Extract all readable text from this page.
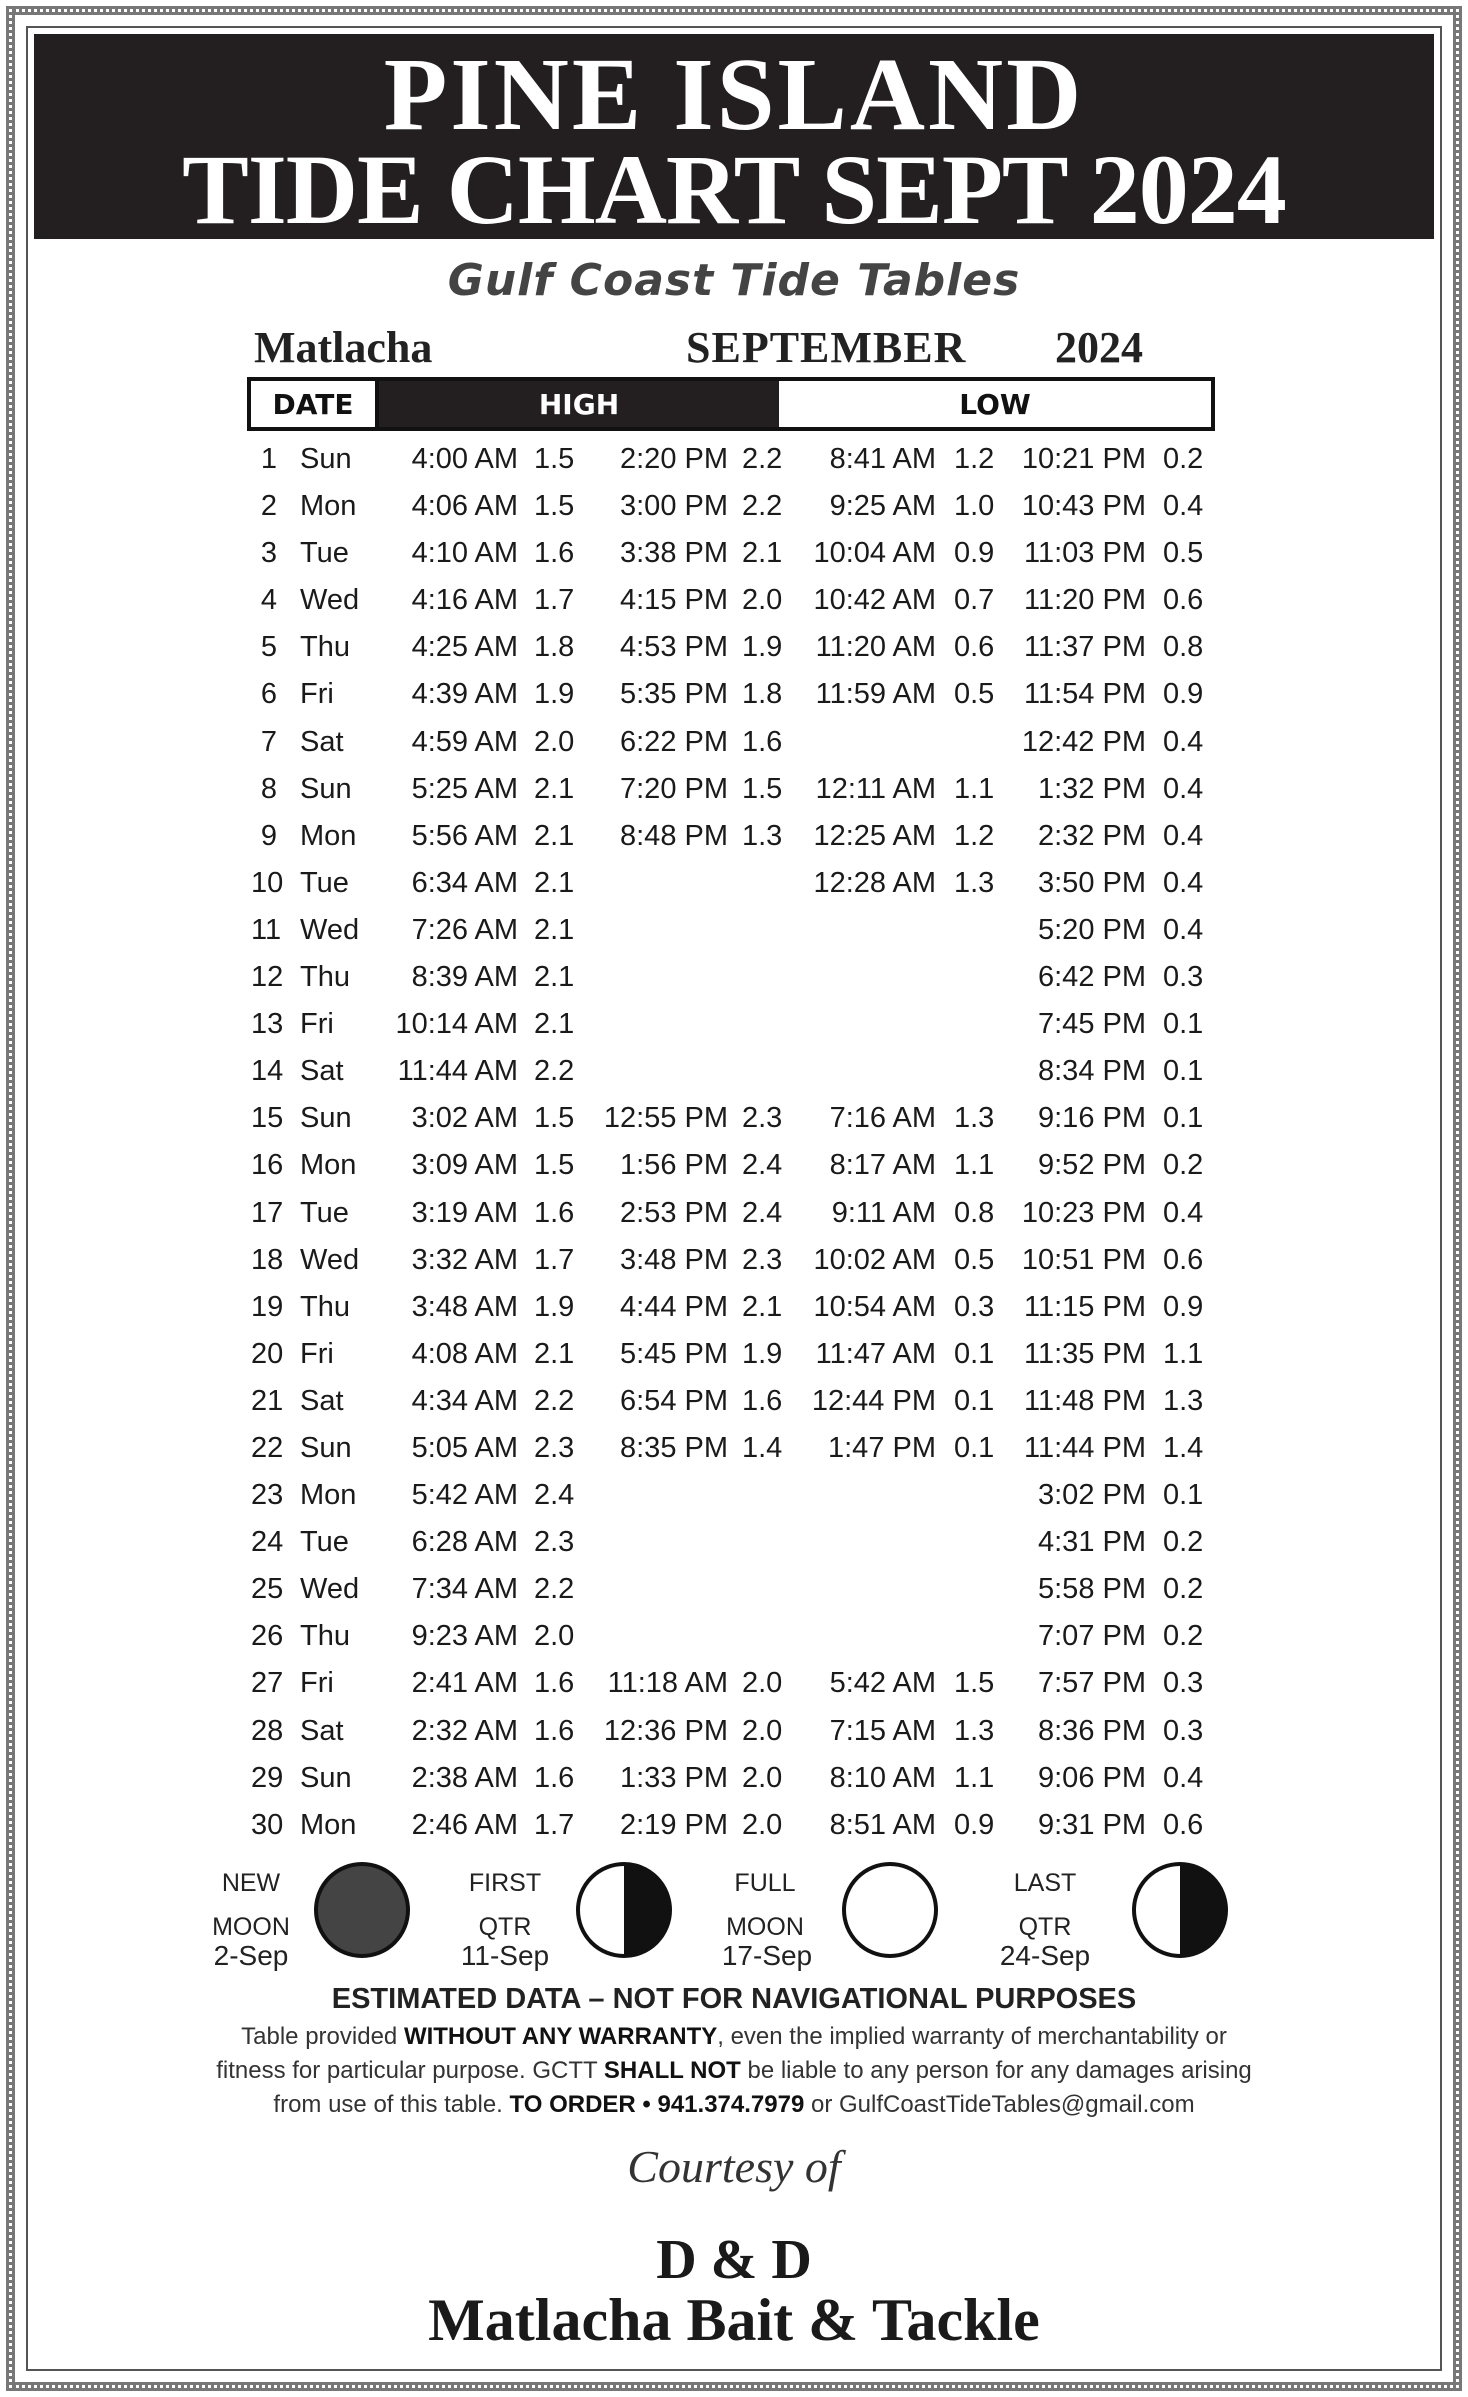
PINE ISLAND
TIDE CHART SEPT 2024
Gulf Coast Tide Tables
Matlacha	SEPTEMBER 2024
DATE	HIGH	LOW
1 Sun 4:00 AM 1.5 2:20 PM 2.2 8:41 AM 1.2 10:21 PM 0.2
2 Mon 4:06 AM 1.5 3:00 PM 2.2 9:25 AM 1.0 10:43 PM 0.4
3 Tue 4:10 AM 1.6 3:38 PM 2.1 10:04 AM 0.9 11:03 PM 0.5
4 Wed 4:16 AM 1.7 4:15 PM 2.0 10:42 AM 0.7 11:20 PM 0.6
5 Thu 4:25 AM 1.8 4:53 PM 1.9 11:20 AM 0.6 11:37 PM 0.8
6 Fri	4:39 AM 1.9 5:35 PM 1.8 11:59 AM 0.5 11:54 PM 0.9
7 Sat 4:59 AM 2.0 6:22 PM 1.6	12:42 PM 0.4
8 Sun 5:25 AM 2.1 7:20 PM 1.5 12:11 AM 1.1 1:32 PM 0.4
9 Mon 5:56 AM 2.1 8:48 PM 1.3 12:25 AM 1.2 2:32 PM 0.4
10 Tue 6:34 AM 2.1	12:28 AM 1.3 3:50 PM 0.4
11 Wed 7:26 AM 2.1	5:20 PM 0.4
12 Thu 8:39 AM 2.1	6:42 PM 0.3
13 Fri 10:14 AM 2.1	7:45 PM 0.1
14 Sat 11:44 AM 2.2	8:34 PM 0.1
15 Sun 3:02 AM 1.5 12:55 PM 2.3 7:16 AM 1.3 9:16 PM 0.1
16 Mon 3:09 AM 1.5 1:56 PM 2.4 8:17 AM 1.1 9:52 PM 0.2
17 Tue 3:19 AM 1.6 2:53 PM 2.4 9:11 AM 0.8 10:23 PM 0.4
18 Wed 3:32 AM 1.7 3:48 PM 2.3 10:02 AM 0.5 10:51 PM 0.6
19 Thu 3:48 AM 1.9 4:44 PM 2.1 10:54 AM 0.3 11:15 PM 0.9
20 Fri	4:08 AM 2.1 5:45 PM 1.9 11:47 AM 0.1 11:35 PM 1.1
21 Sat 4:34 AM 2.2 6:54 PM 1.6 12:44 PM 0.1 11:48 PM 1.3
22 Sun 5:05 AM 2.3 8:35 PM 1.4 1:47 PM 0.1 11:44 PM 1.4
23 Mon 5:42 AM 2.4	3:02 PM 0.1
24 Tue 6:28 AM 2.3	4:31 PM 0.2
25 Wed 7:34 AM 2.2	5:58 PM 0.2
26 Thu 9:23 AM 2.0	7:07 PM 0.2
27 Fri	2:41 AM 1.6 11:18 AM 2.0 5:42 AM 1.5 7:57 PM 0.3
28 Sat 2:32 AM 1.6 12:36 PM 2.0 7:15 AM 1.3 8:36 PM 0.3
29 Sun 2:38 AM 1.6 1:33 PM 2.0 8:10 AM 1.1 9:06 PM 0.4
30 Mon 2:46 AM 1.7 2:19 PM 2.0 8:51 AM 0.9 9:31 PM 0.6
NEW
MOON
2-Sep
FIRST
QTR
11-Sep
FULL
MOON
17-Sep
LAST
QTR
24-Sep
ESTIMATED DATA – NOT FOR NAVIGATIONAL PURPOSES
Table provided WITHOUT ANY WARRANTY, even the implied warranty of merchantability or
fitness for particular purpose. GCTT SHALL NOT be liable to any person for any damages arising
from use of this table. TO ORDER • 941.374.7979 or GulfCoastTideTables@gmail.com
Courtesy of
D & D
Matlacha Bait & Tackle
